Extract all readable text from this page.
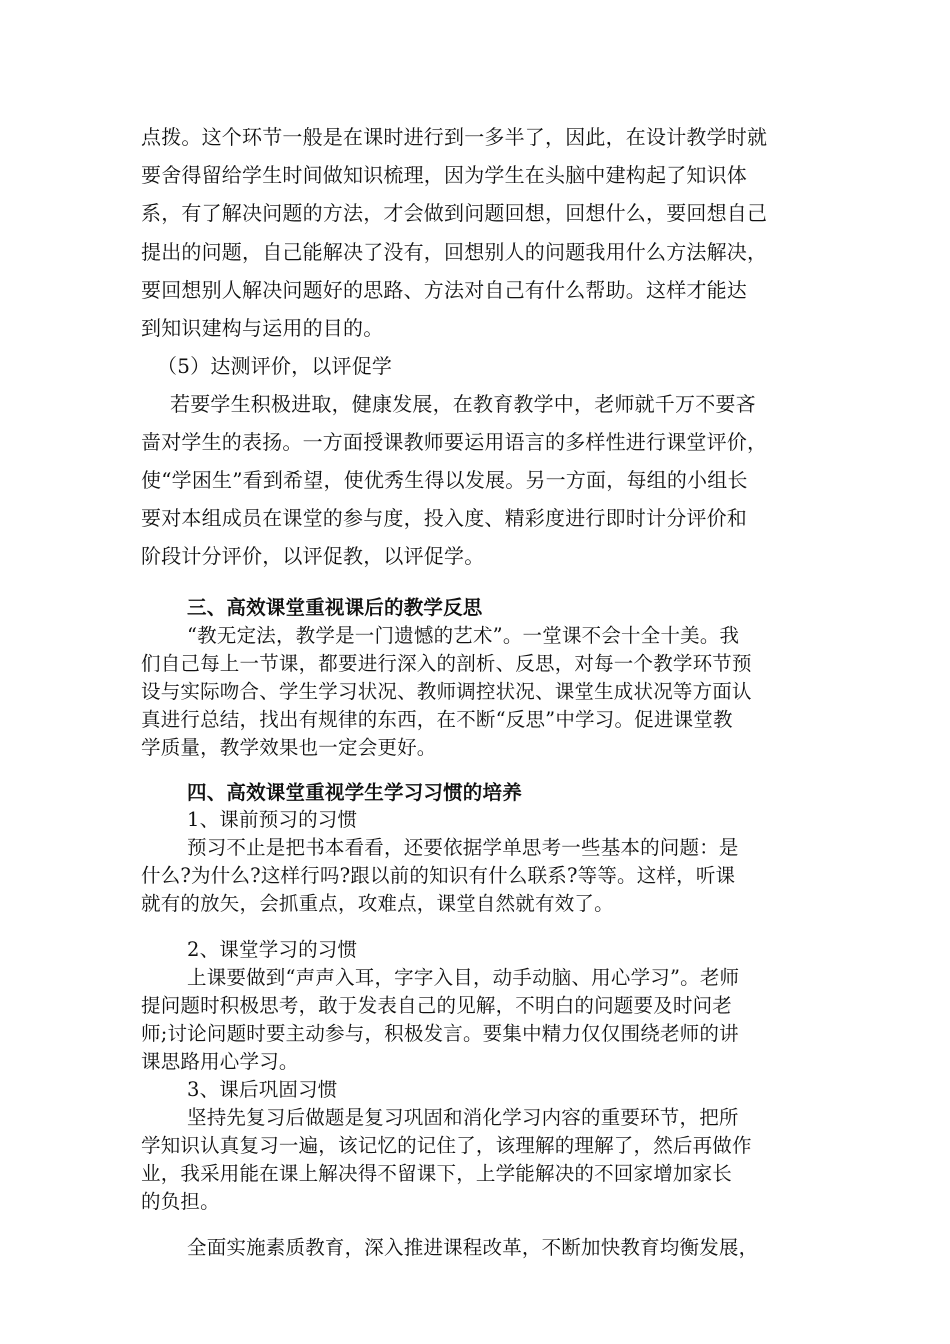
点拨。这个环节一般是在课时进行到一多半了，因此，在设计教学时就
要舍得留给学生时间做知识梳理，因为学生在头脑中建构起了知识体
系，有了解决问题的方法，才会做到问题回想，回想什么，要回想自己
提出的问题，自己能解决了没有，回想别人的问题我用什么方法解决，
要回想别人解决问题好的思路、方法对自己有什么帮助。这样才能达
到知识建构与运用的目的。
（5）达测评价，以评促学
若要学生积极进取，健康发展，在教育教学中，老师就千万不要吝
啬对学生的表扬。一方面授课教师要运用语言的多样性进行课堂评价，
使“学困生”看到希望，使优秀生得以发展。另一方面，每组的小组长
要对本组成员在课堂的参与度，投入度、精彩度进行即时计分评价和
阶段计分评价，以评促教，以评促学。
三、高效课堂重视课后的教学反思
“教无定法，教学是一门遗憾的艺术”。一堂课不会十全十美。我
们自己每上一节课，都要进行深入的剖析、反思，对每一个教学环节预
设与实际吻合、学生学习状况、教师调控状况、课堂生成状况等方面认
真进行总结，找出有规律的东西，在不断“反思”中学习。促进课堂教
学质量，教学效果也一定会更好。
四、高效课堂重视学生学习习惯的培养
1、课前预习的习惯
预习不止是把书本看看，还要依据学单思考一些基本的问题：是
什么?为什么?这样行吗?跟以前的知识有什么联系?等等。这样，听课
就有的放矢，会抓重点，攻难点，课堂自然就有效了。
2、课堂学习的习惯
上课要做到“声声入耳，字字入目，动手动脑、用心学习”。老师
提问题时积极思考，敢于发表自己的见解，不明白的问题要及时问老
师;讨论问题时要主动参与，积极发言。要集中精力仅仅围绕老师的讲
课思路用心学习。
3、课后巩固习惯
坚持先复习后做题是复习巩固和消化学习内容的重要环节，把所
学知识认真复习一遍，该记忆的记住了，该理解的理解了，然后再做作
业，我采用能在课上解决得不留课下，上学能解决的不回家增加家长
的负担。
全面实施素质教育，深入推进课程改革，不断加快教育均衡发展，
